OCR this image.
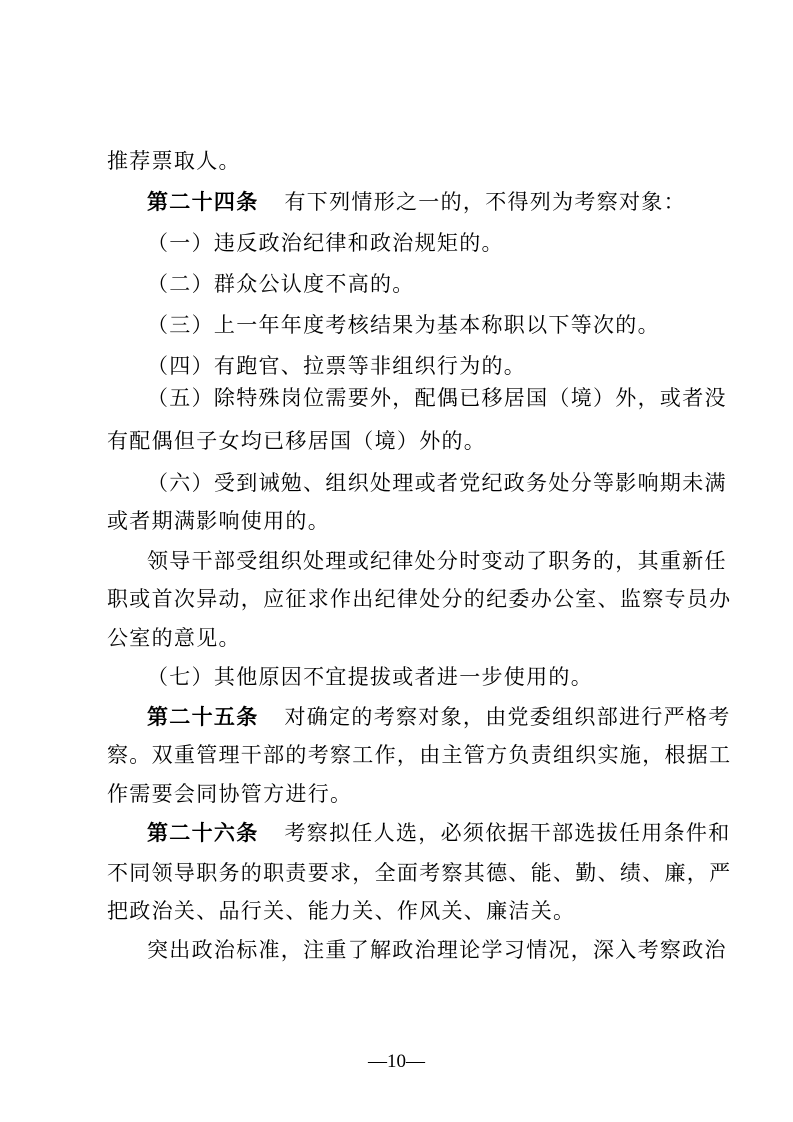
推荐票取人。
第二十四条 有下列情形之一的，不得列为考察对象：
（一）违反政治纪律和政治规矩的。
（二）群众公认度不高的。
（三）上一年年度考核结果为基本称职以下等次的。
（四）有跑官、拉票等非组织行为的。
（五）除特殊岗位需要外，配偶已移居国（境）外，或者没
有配偶但子女均已移居国（境）外的。
（六）受到诫勉、组织处理或者党纪政务处分等影响期未满
或者期满影响使用的。
领导干部受组织处理或纪律处分时变动了职务的，其重新任
职或首次异动，应征求作出纪律处分的纪委办公室、监察专员办
公室的意见。
（七）其他原因不宜提拔或者进一步使用的。
第二十五条 对确定的考察对象，由党委组织部进行严格考
察。双重管理干部的考察工作，由主管方负责组织实施，根据工
作需要会同协管方进行。
第二十六条 考察拟任人选，必须依据干部选拔任用条件和
不同领导职务的职责要求，全面考察其德、能、勤、绩、廉，严
把政治关、品行关、能力关、作风关、廉洁关。
突出政治标准，注重了解政治理论学习情况，深入考察政治
—10—
